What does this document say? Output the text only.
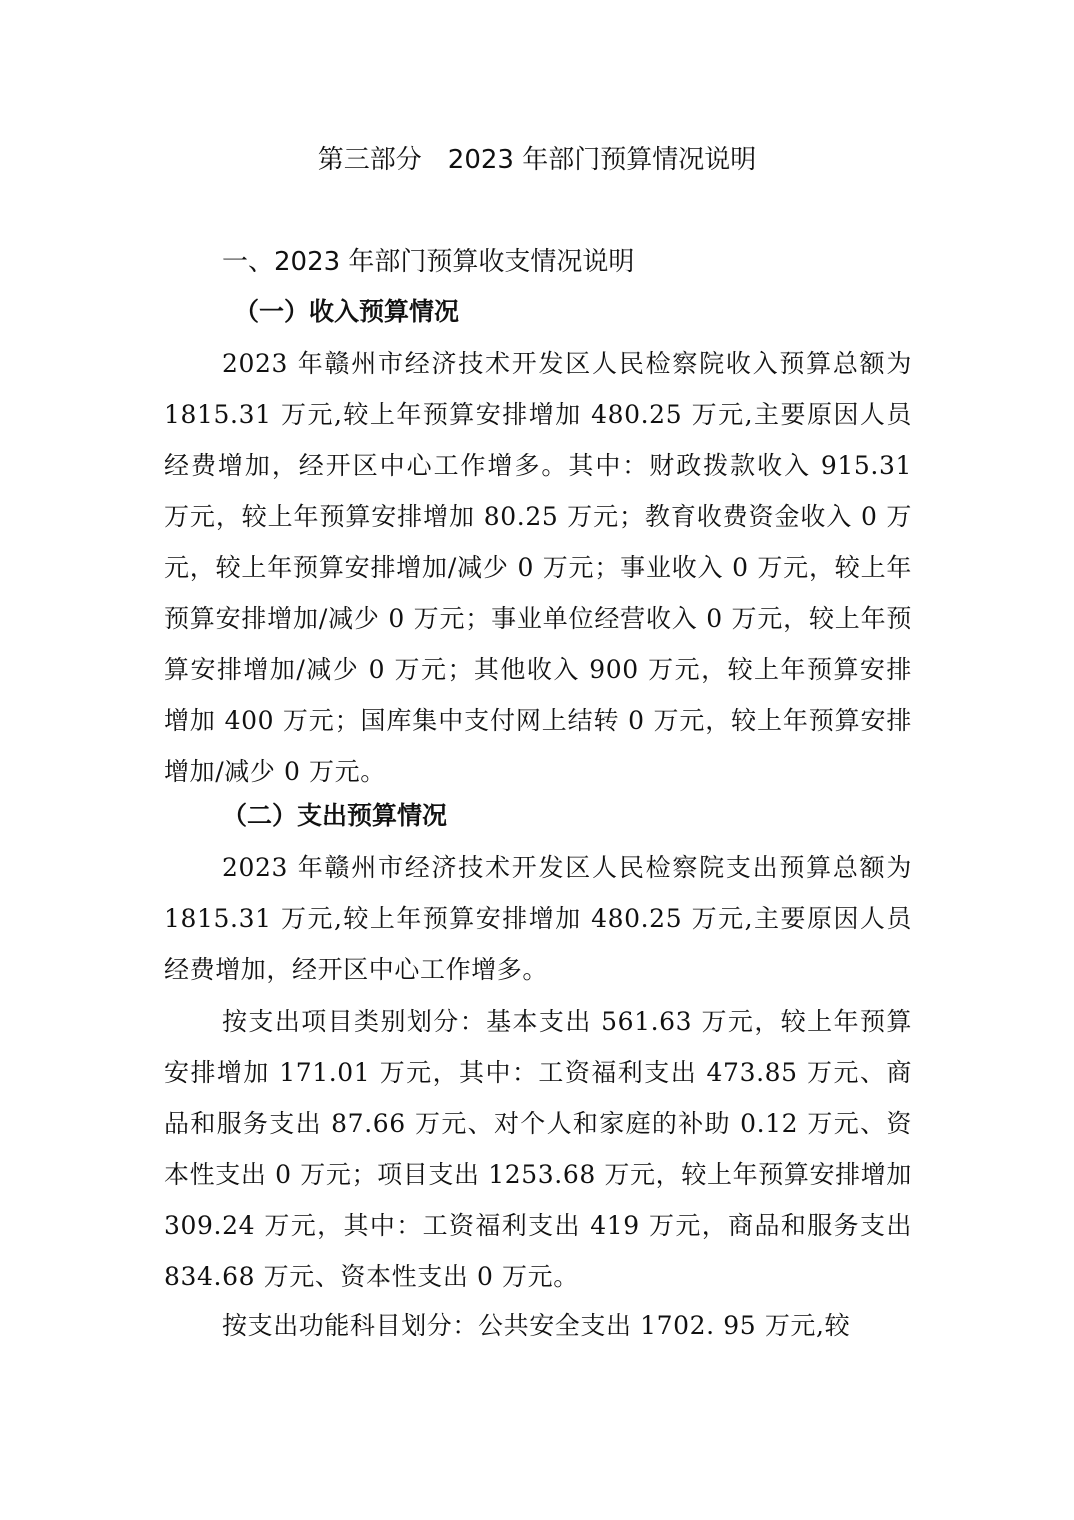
第三部分　2023 年部门预算情况说明
一、2023 年部门预算收支情况说明
（一）收入预算情况

2023 年赣州市经济技术开发区人民检察院收入预算总额为 1815.31 万元,较上年预算安排增加 480.25 万元,主要原因人员经费增加，经开区中心工作增多。其中：财政拨款收入 915.31 万元，较上年预算安排增加 80.25 万元；教育收费资金收入 0 万元，较上年预算安排增加/减少 0 万元；事业收入 0 万元，较上年预算安排增加/减少 0 万元；事业单位经营收入 0 万元，较上年预算安排增加/减少 0 万元；其他收入 900 万元，较上年预算安排增加 400 万元；国库集中支付网上结转 0 万元，较上年预算安排增加/减少 0 万元。

（二）支出预算情况

2023 年赣州市经济技术开发区人民检察院支出预算总额为 1815.31 万元,较上年预算安排增加 480.25 万元,主要原因人员经费增加，经开区中心工作增多。

按支出项目类别划分：基本支出 561.63 万元，较上年预算安排增加 171.01 万元，其中：工资福利支出 473.85 万元、商品和服务支出 87.66 万元、对个人和家庭的补助 0.12 万元、资本性支出 0 万元；项目支出 1253.68 万元，较上年预算安排增加 309.24 万元，其中：工资福利支出 419 万元，商品和服务支出 834.68 万元、资本性支出 0 万元。

按支出功能科目划分：公共安全支出 1702. 95 万元,较
